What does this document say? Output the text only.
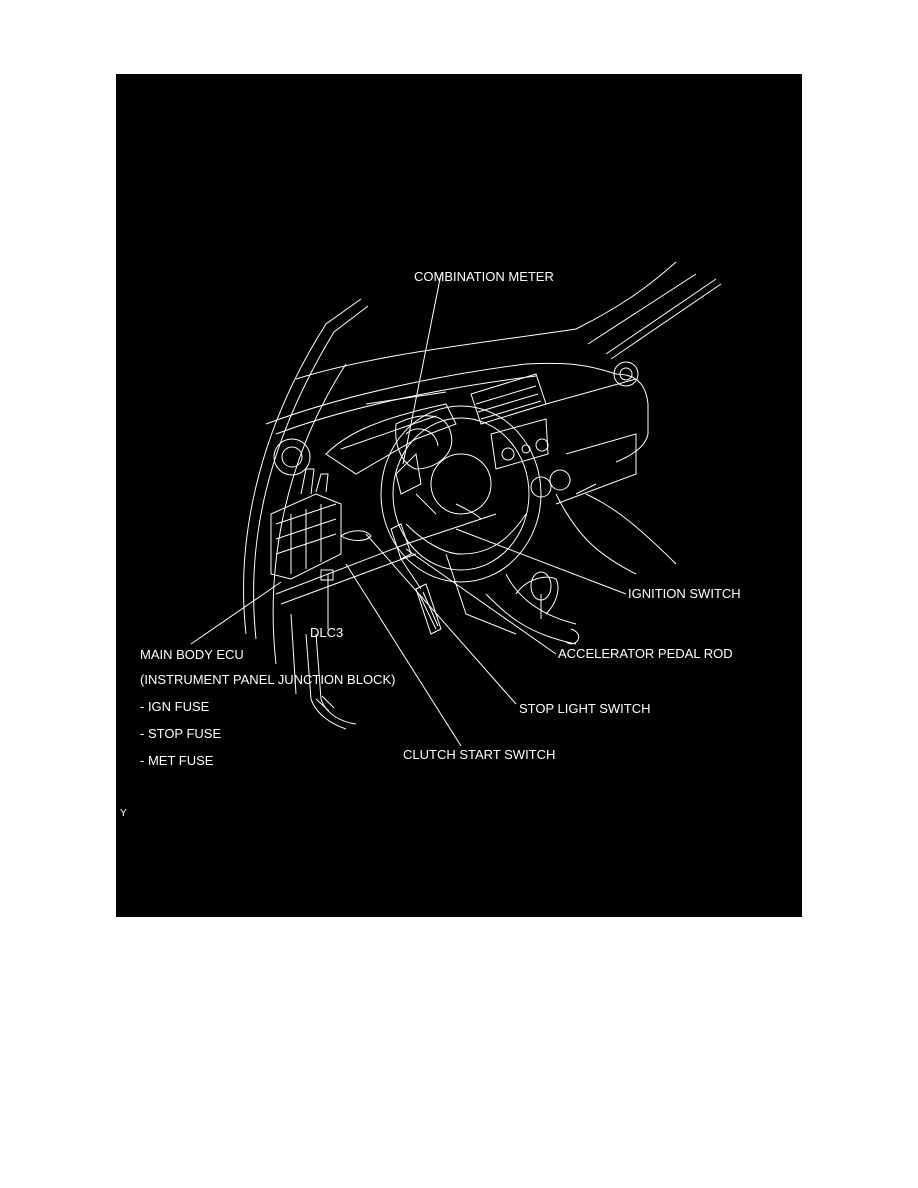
COMBINATION METER
IGNITION SWITCH
DLC3
MAIN BODY ECU
(INSTRUMENT PANEL JUNCTION BLOCK)
- IGN FUSE
- STOP FUSE
- MET FUSE
ACCELERATOR PEDAL ROD
STOP LIGHT SWITCH
CLUTCH START SWITCH
Y
